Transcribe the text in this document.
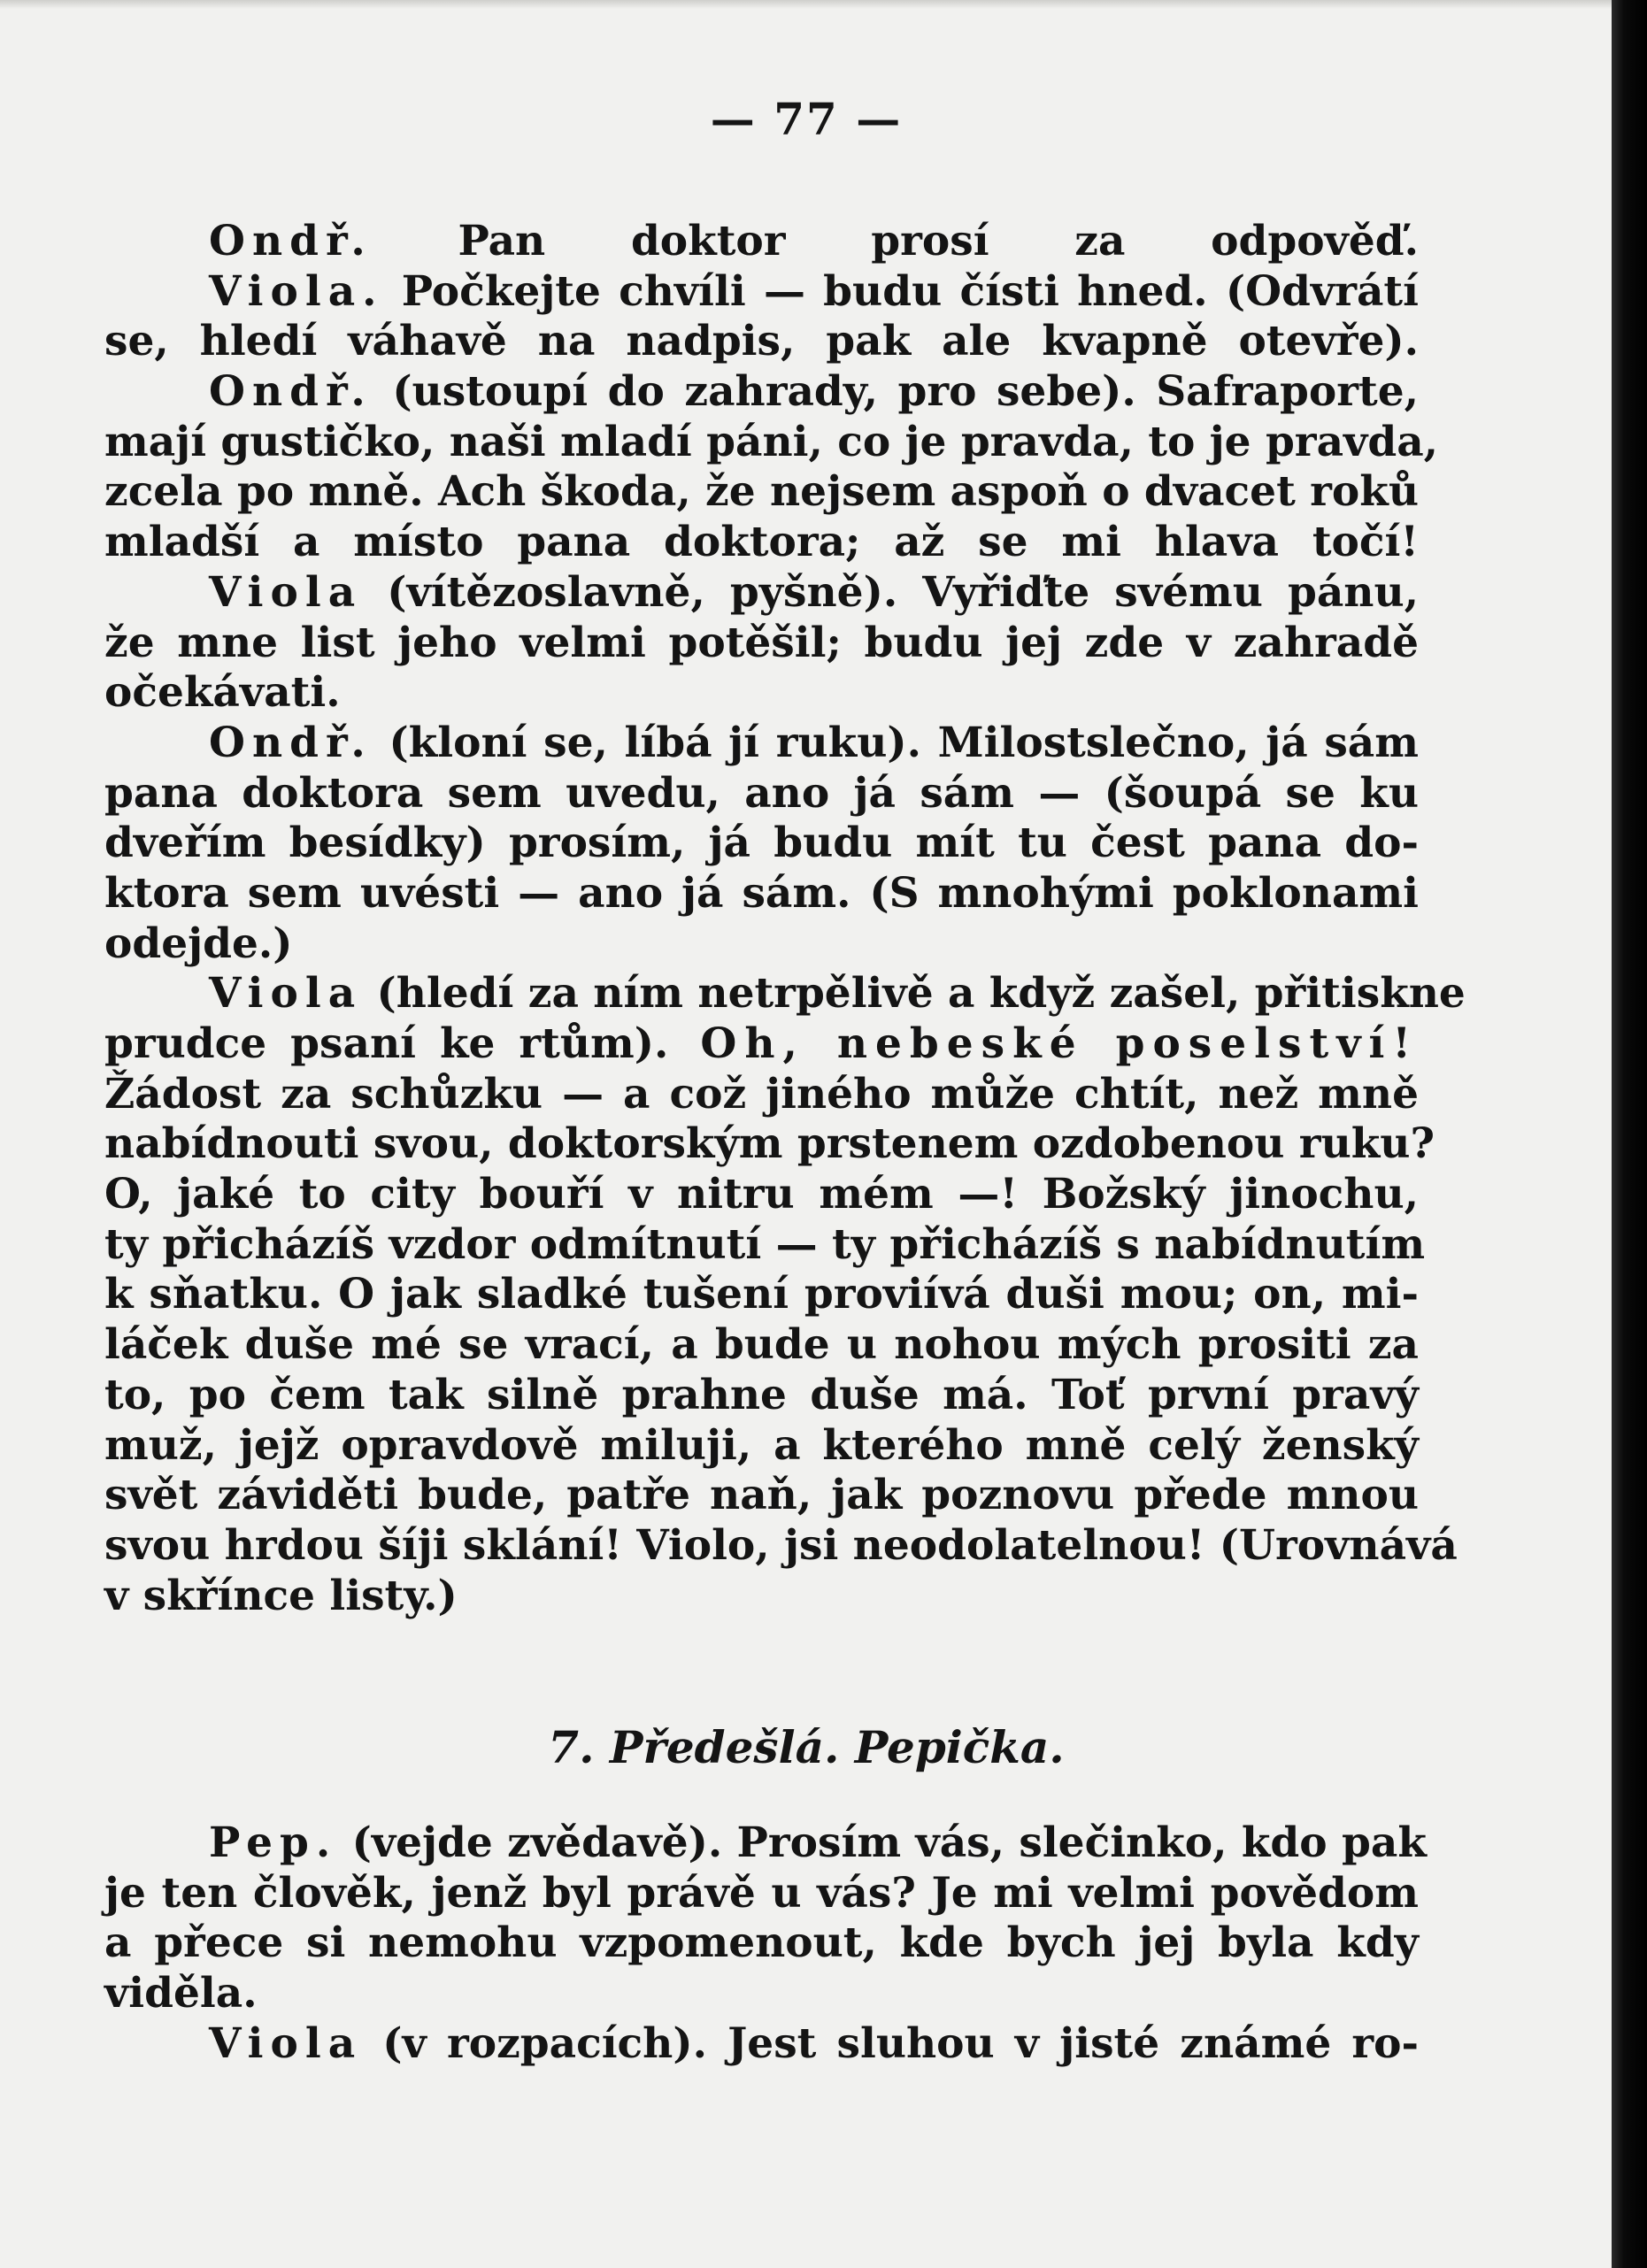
— 77 —
Ondř. Pan doktor prosí za odpověď.
Viola. Počkejte chvíli — budu čísti hned. (Odvrátí
se, hledí váhavě na nadpis, pak ale kvapně otevře).
Ondř. (ustoupí do zahrady, pro sebe). Safraporte,
mají gustičko, naši mladí páni, co je pravda, to je pravda,
zcela po mně. Ach škoda, že nejsem aspoň o dvacet roků
mladší a místo pana doktora; až se mi hlava točí!
Viola (vítězoslavně, pyšně). Vyřiďte svému pánu,
že mne list jeho velmi potěšil; budu jej zde v zahradě
očekávati.
Ondř. (kloní se, líbá jí ruku). Milostslečno, já sám
pana doktora sem uvedu, ano já sám — (šoupá se ku
dveřím besídky) prosím, já budu mít tu čest pana do-
ktora sem uvésti — ano já sám. (S mnohými poklonami
odejde.)
Viola (hledí za ním netrpělivě a když zašel, přitiskne
prudce psaní ke rtům). Oh, nebeské poselství!
Žádost za schůzku — a což jiného může chtít, než mně
nabídnouti svou, doktorským prstenem ozdobenou ruku?
O, jaké to city bouří v nitru mém —! Božský jinochu,
ty přicházíš vzdor odmítnutí — ty přicházíš s nabídnutím
k sňatku. O jak sladké tušení proviívá duši mou; on, mi-
láček duše mé se vrací, a bude u nohou mých prositi za
to, po čem tak silně prahne duše má. Toť první pravý
muž, jejž opravdově miluji, a kterého mně celý ženský
svět záviděti bude, patře naň, jak poznovu přede mnou
svou hrdou šíji sklání! Violo, jsi neodolatelnou! (Urovnává
v skřínce listy.)
7. Předešlá. Pepička.
Pep. (vejde zvědavě). Prosím vás, slečinko, kdo pak
je ten člověk, jenž byl právě u vás? Je mi velmi povědom
a přece si nemohu vzpomenout, kde bych jej byla kdy
viděla.
Viola (v rozpacích). Jest sluhou v jisté známé ro-
